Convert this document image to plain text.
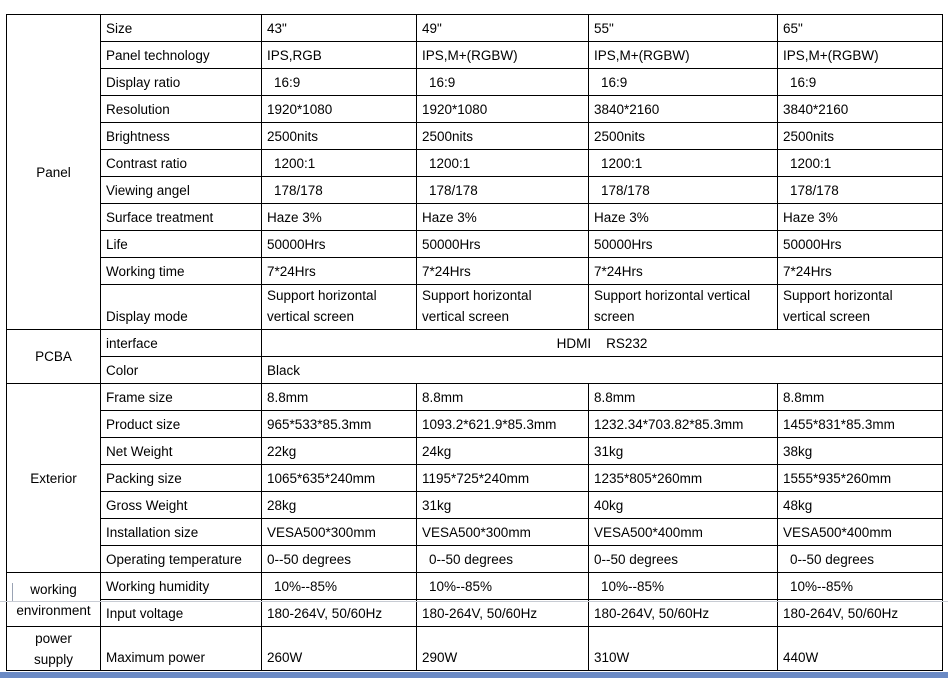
Panel	Size	43"	49"	55"	65"
	Panel technology	IPS,RGB	IPS,M+(RGBW)	IPS,M+(RGBW)	IPS,M+(RGBW)
	Display ratio	16:9	16:9	16:9	16:9
	Resolution	1920*1080	1920*1080	3840*2160	3840*2160
	Brightness	2500nits	2500nits	2500nits	2500nits
	Contrast ratio	1200:1	1200:1	1200:1	1200:1
	Viewing angel	178/178	178/178	178/178	178/178
	Surface treatment	Haze 3%	Haze 3%	Haze 3%	Haze 3%
	Life	50000Hrs	50000Hrs	50000Hrs	50000Hrs
	Working time	7*24Hrs	7*24Hrs	7*24Hrs	7*24Hrs
	Display mode	Support horizontal vertical screen	Support horizontal vertical screen	Support horizontal vertical screen	Support horizontal vertical screen
PCBA	interface	HDMI    RS232			
	Color	Black			
Exterior	Frame size	8.8mm	8.8mm	8.8mm	8.8mm
	Product size	965*533*85.3mm	1093.2*621.9*85.3mm	1232.34*703.82*85.3mm	1455*831*85.3mm
	Net Weight	22kg	24kg	31kg	38kg
	Packing size	1065*635*240mm	1195*725*240mm	1235*805*260mm	1555*935*260mm
	Gross Weight	28kg	31kg	40kg	48kg
	Installation size	VESA500*300mm	VESA500*300mm	VESA500*400mm	VESA500*400mm
	Operating temperature	0--50 degrees	0--50 degrees	0--50 degrees	0--50 degrees

working
environment	Working humidity	10%--85%	10%--85%	10%--85%	10%--85%
	Input voltage	180-264V, 50/60Hz	180-264V, 50/60Hz	180-264V, 50/60Hz	180-264V, 50/60Hz

power
supply	Maximum power	260W	290W	310W	440W
